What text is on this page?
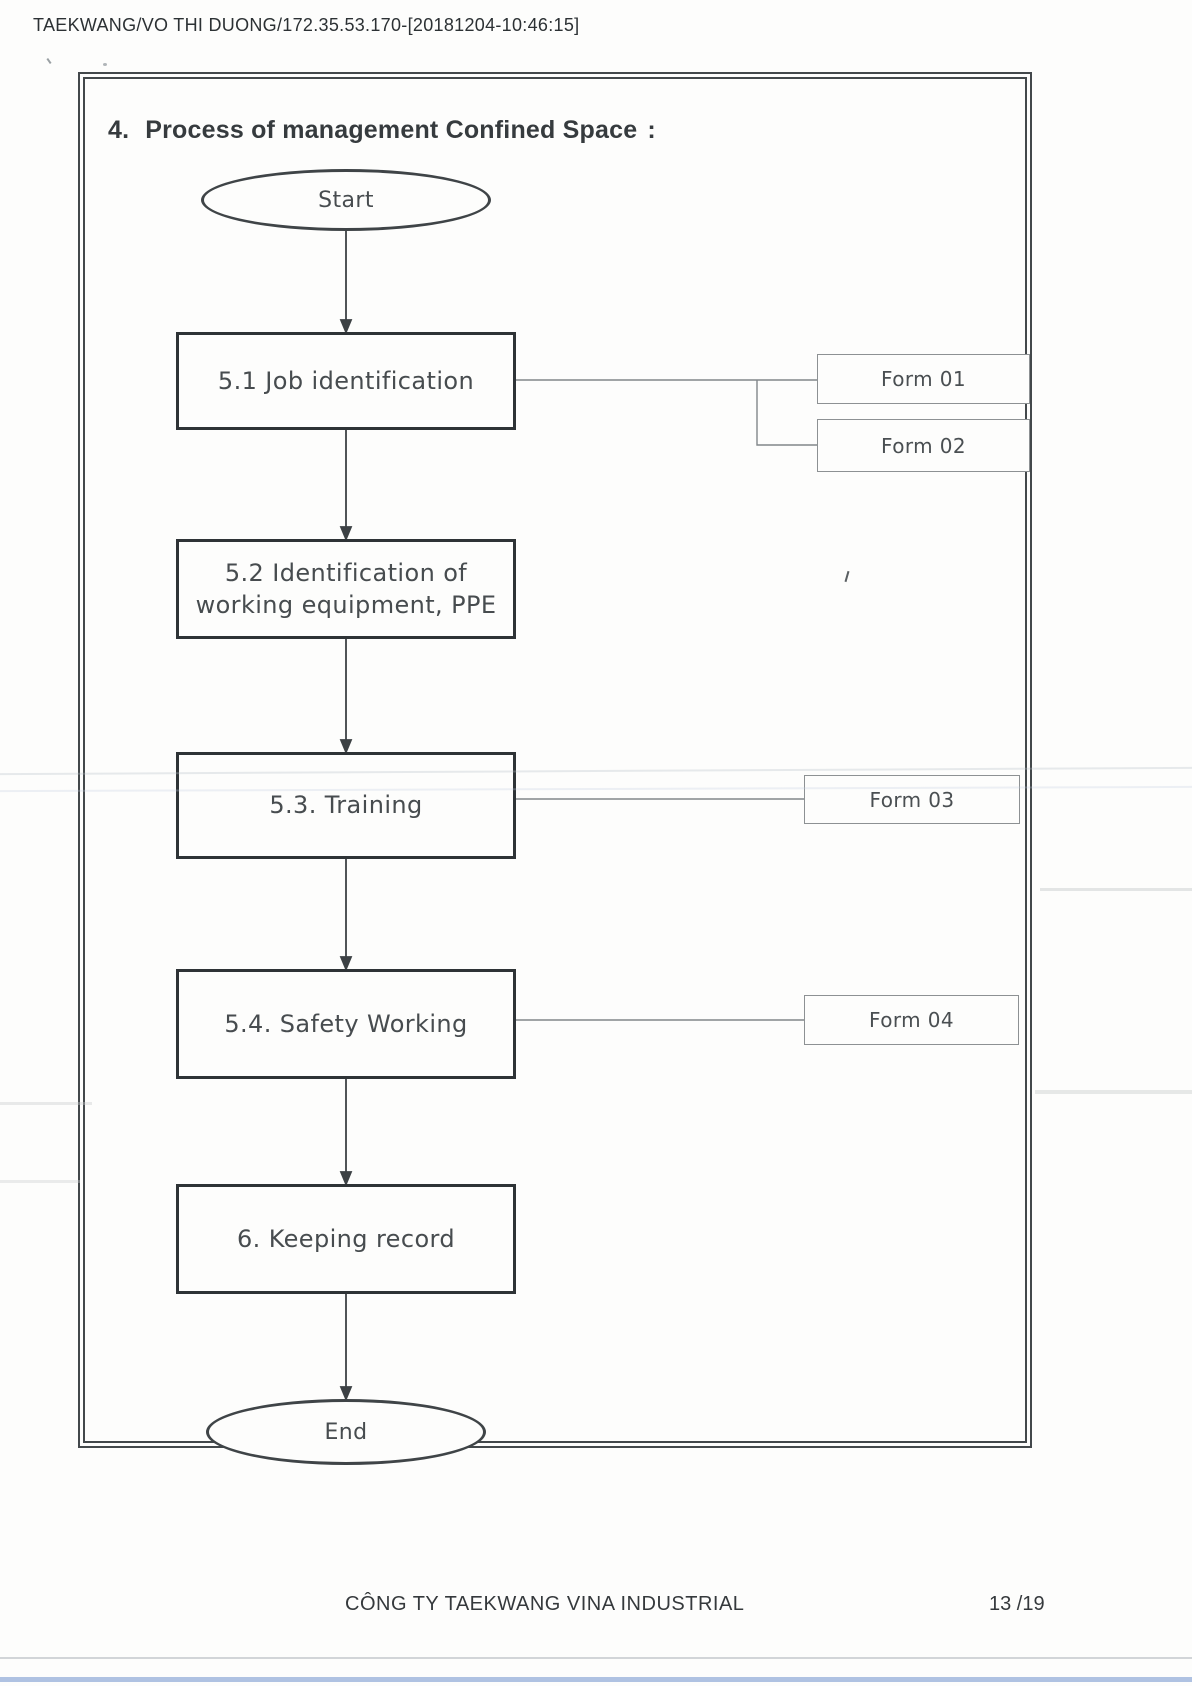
TAEKWANG/VO THI DUONG/172.35.53.170-[20181204-10:46:15]
4. Process of management Confined Space :
Start
5.1 Job identification
5.2 Identification of
working equipment, PPE
5.3. Training
5.4. Safety Working
6. Keeping record
Form 01
Form 02
Form 03
Form 04
End
CÔNG TY TAEKWANG VINA INDUSTRIAL	13 /19
